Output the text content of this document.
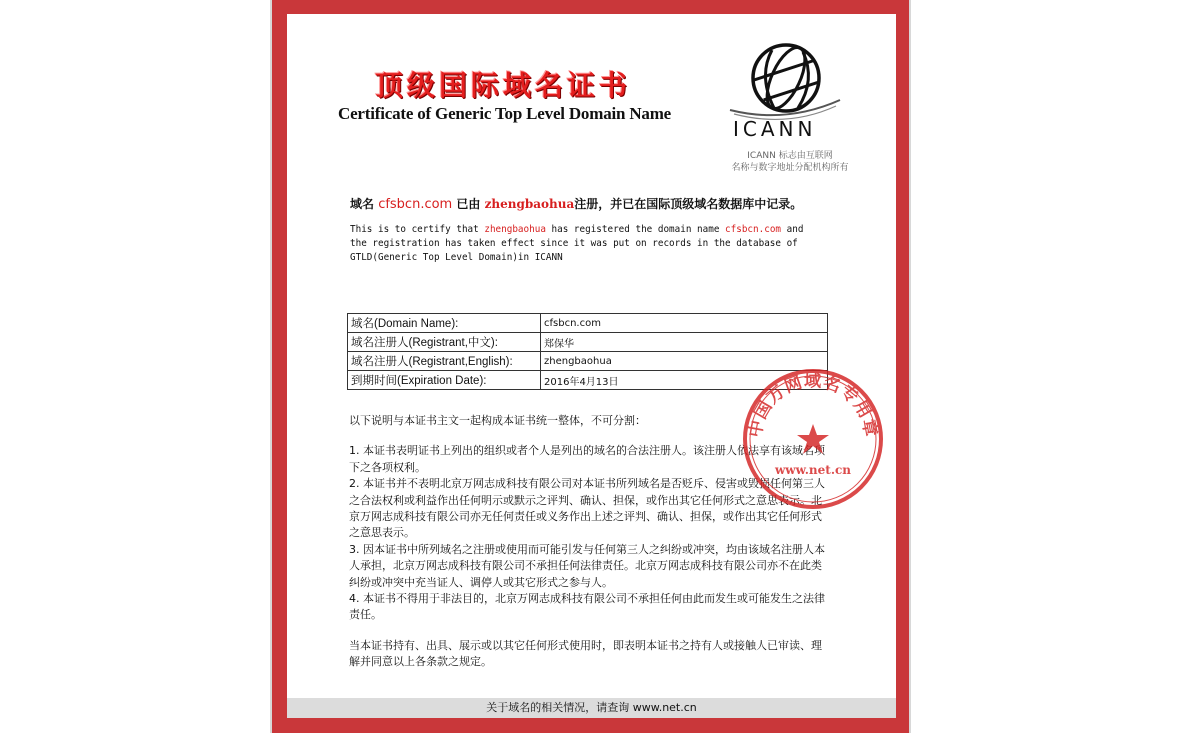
顶级国际域名证书
Certificate of Generic Top Level Domain Name
ICANN
ICANN 标志由互联网
名称与数字地址分配机构所有
域名 cfsbcn.com 已由 zhengbaohua注册，并已在国际顶级域名数据库中记录。
This is to certify that zhengbaohua has registered the domain name cfsbcn.com and the registration has taken effect since it was put on records in the database of GTLD(Generic Top Level Domain)in ICANN
域名(Domain Name):	cfsbcn.com
域名注册人(Registrant,中文):	郑保华
域名注册人(Registrant,English):	zhengbaohua
到期时间(Expiration Date):	2016年4月13日

以下说明与本证书主文一起构成本证书统一整体，不可分割：

1. 本证书表明证书上列出的组织或者个人是列出的域名的合法注册人。该注册人依法享有该域名项下之各项权利。

2. 本证书并不表明北京万网志成科技有限公司对本证书所列域名是否贬斥、侵害或毁损任何第三人之合法权利或利益作出任何明示或默示之评判、确认、担保，或作出其它任何形式之意思表示。北京万网志成科技有限公司亦无任何责任或义务作出上述之评判、确认、担保，或作出其它任何形式之意思表示。

3. 因本证书中所列域名之注册或使用而可能引发与任何第三人之纠纷或冲突，均由该域名注册人本人承担，北京万网志成科技有限公司不承担任何法律责任。北京万网志成科技有限公司亦不在此类纠纷或冲突中充当证人、调停人或其它形式之参与人。

4. 本证书不得用于非法目的，北京万网志成科技有限公司不承担任何由此而发生或可能发生之法律责任。

当本证书持有、出具、展示或以其它任何形式使用时，即表明本证书之持有人或接触人已审读、理解并同意以上各条款之规定。

中国万网域名专用章
www.net.cn
关于域名的相关情况，请查询 www.net.cn
